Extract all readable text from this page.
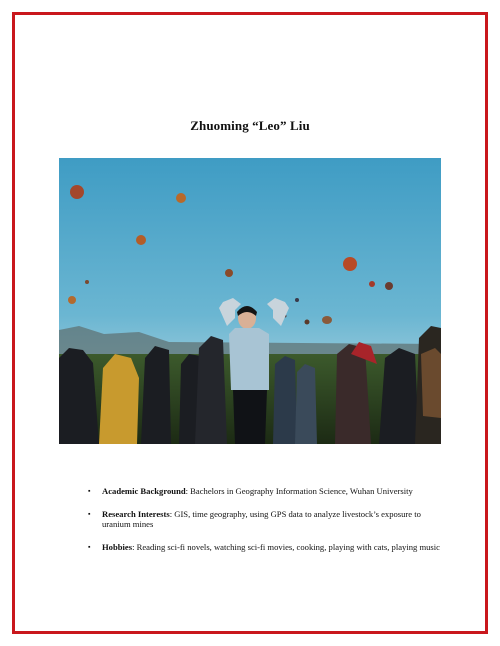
Zhuoming “Leo” Liu
▪ Academic Background: Bachelors in Geography Information Science, Wuhan University
▪ Research Interests: GIS, time geography, using GPS data to analyze livestock’s exposure to uranium mines
▪ Hobbies: Reading sci-fi novels, watching sci-fi movies, cooking, playing with cats, playing music
